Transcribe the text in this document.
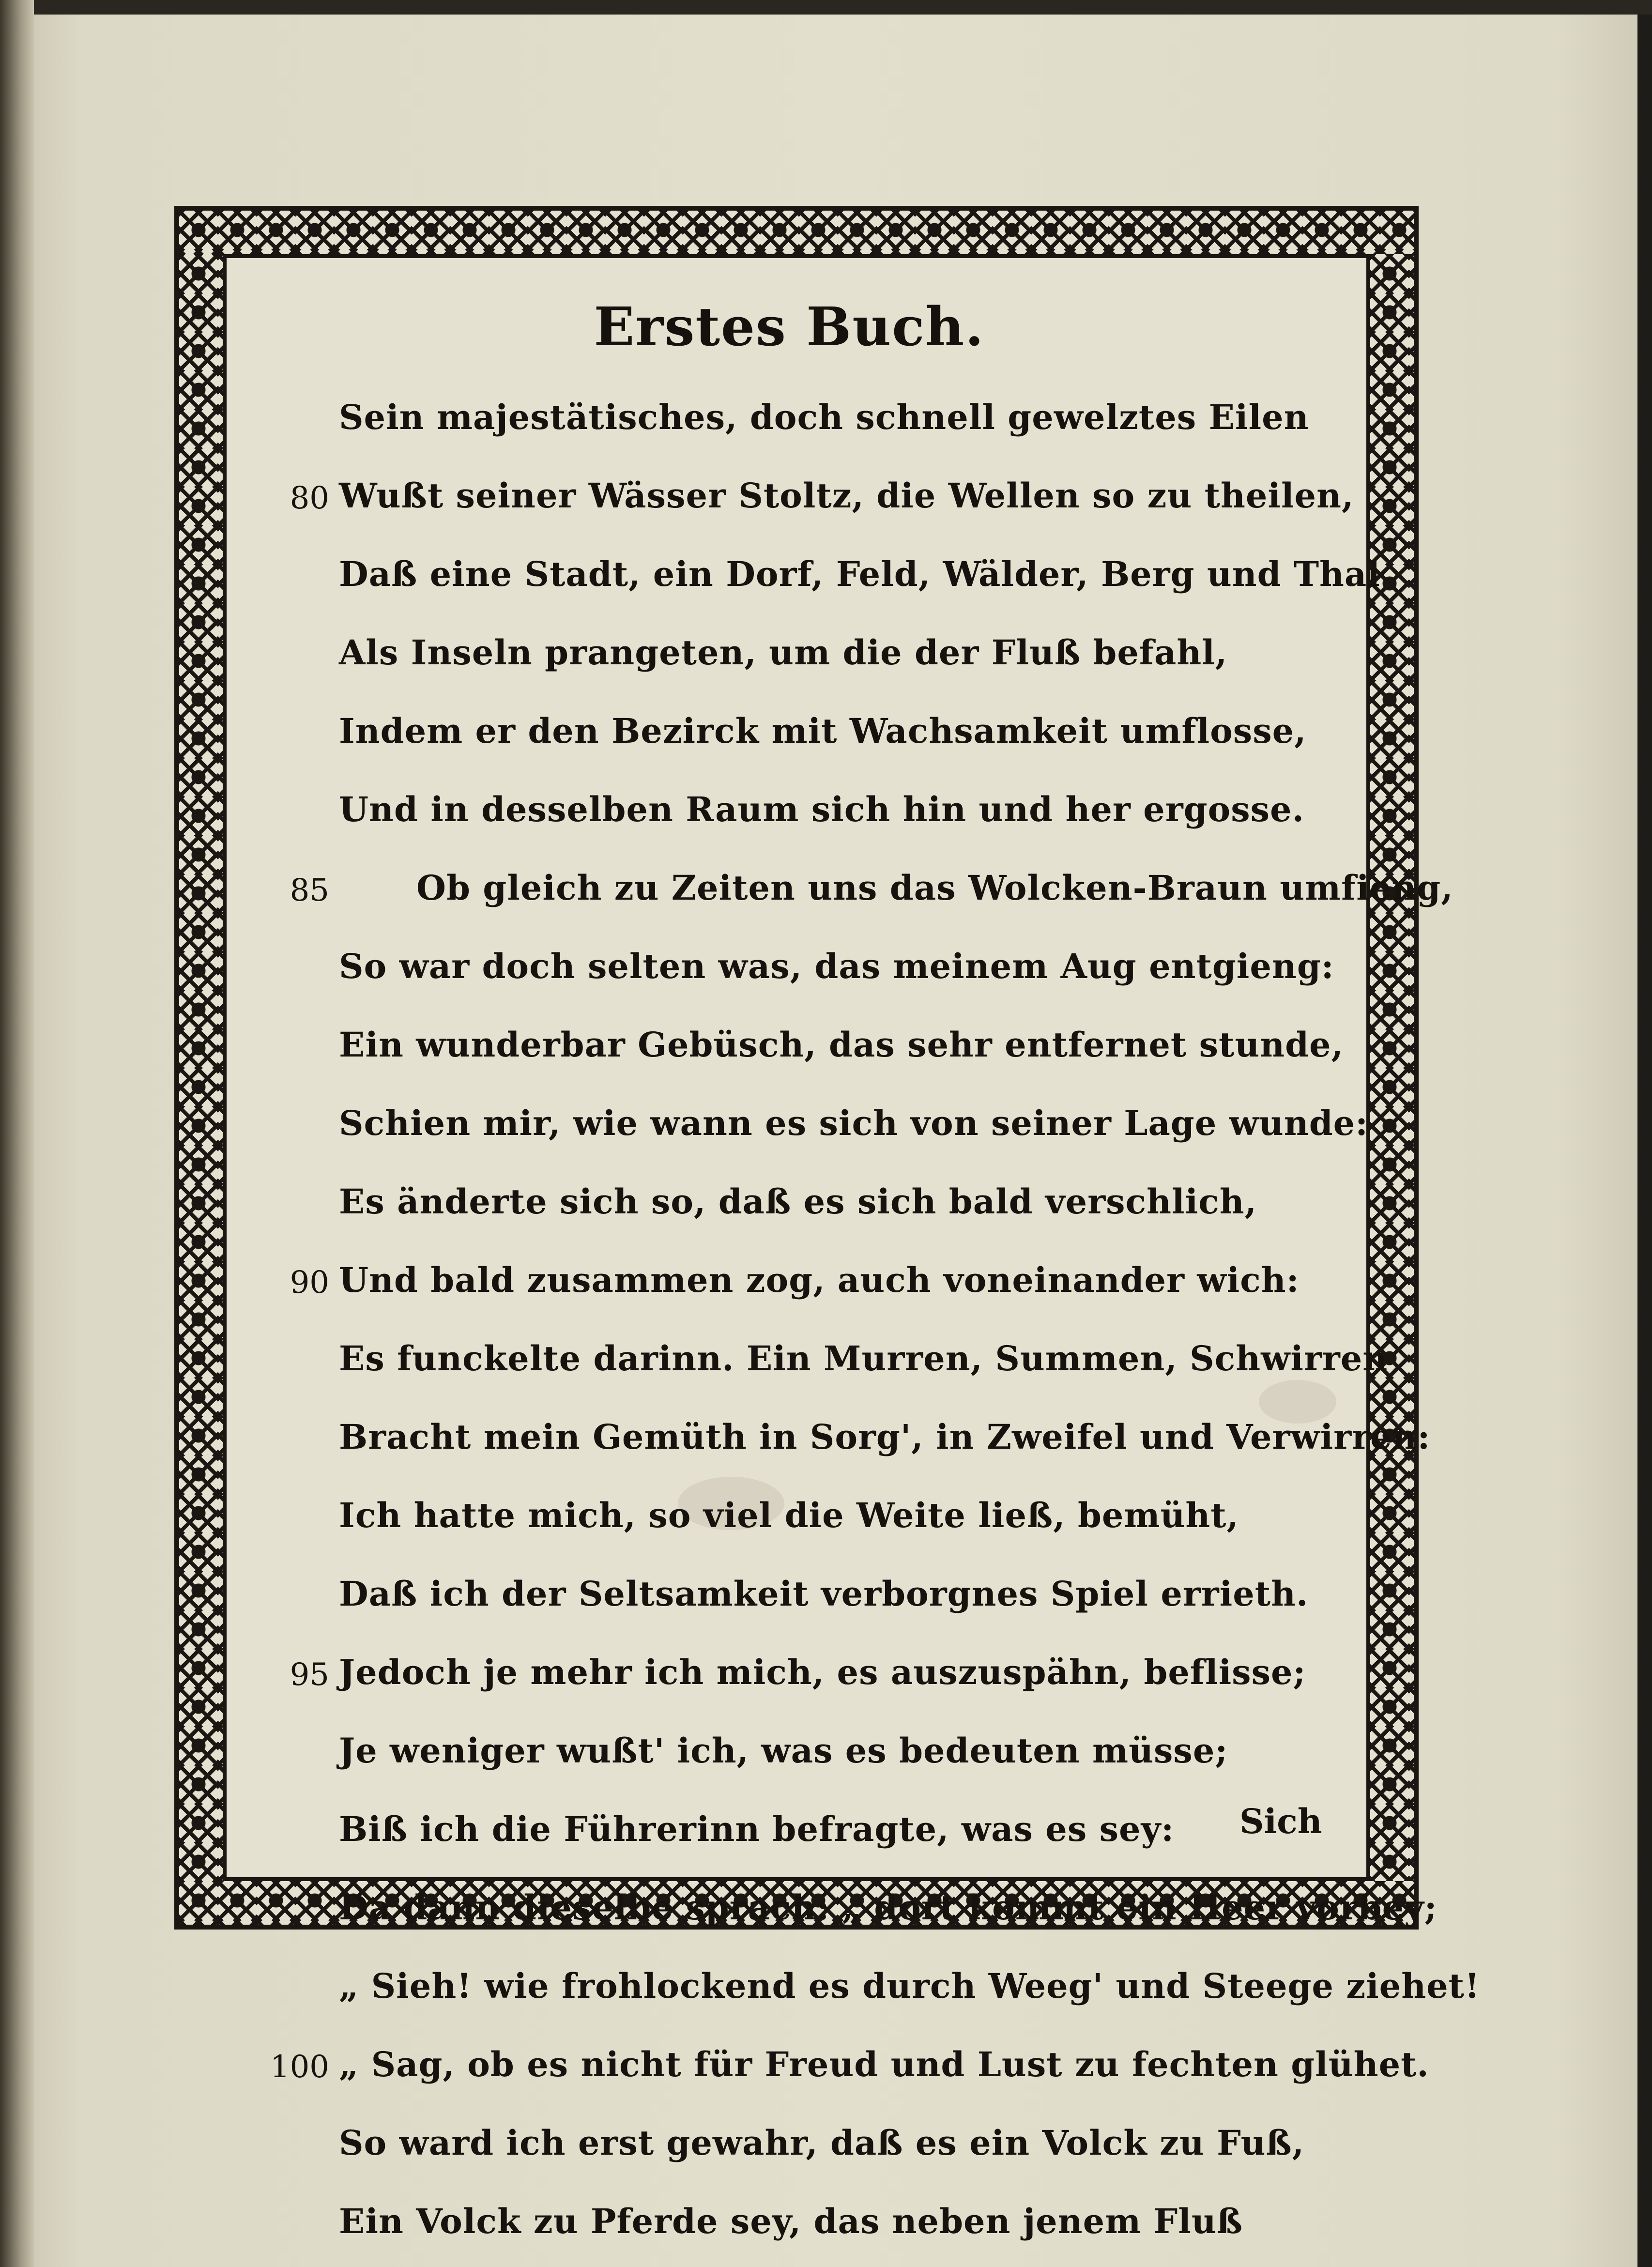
Erstes Buch.
Sein majestätisches, doch schnell gewelztes Eilen
80 Wußt seiner Wässer Stoltz, die Wellen so zu theilen,
Daß eine Stadt, ein Dorf, Feld, Wälder, Berg und Thal
Als Inseln prangeten, um die der Fluß befahl,
Indem er den Bezirck mit Wachsamkeit umflosse,
Und in desselben Raum sich hin und her ergosse.
85	Ob gleich zu Zeiten uns das Wolcken-Braun umfieng,
So war doch selten was, das meinem Aug entgieng:
Ein wunderbar Gebüsch, das sehr entfernet stunde,
Schien mir, wie wann es sich von seiner Lage wunde:
Es änderte sich so, daß es sich bald verschlich,
90 Und bald zusammen zog, auch voneinander wich:
Es funckelte darinn. Ein Murren, Summen, Schwirren
Bracht mein Gemüth in Sorg', in Zweifel und Verwirren:
Ich hatte mich, so viel die Weite ließ, bemüht,
Daß ich der Seltsamkeit verborgnes Spiel errieth.
95 Jedoch je mehr ich mich, es auszuspähn, beflisse;
Je weniger wußt' ich, was es bedeuten müsse;
Biß ich die Führerinn befragte, was es sey:
Da dann dieselbe sprach: „ dort kommt ein Heer vorbey;
„ Sieh! wie frohlockend es durch Weeg' und Steege ziehet!
100 „ Sag, ob es nicht für Freud und Lust zu fechten glühet.
So ward ich erst gewahr, daß es ein Volck zu Fuß,
Ein Volck zu Pferde sey, das neben jenem Fluß
Sich
